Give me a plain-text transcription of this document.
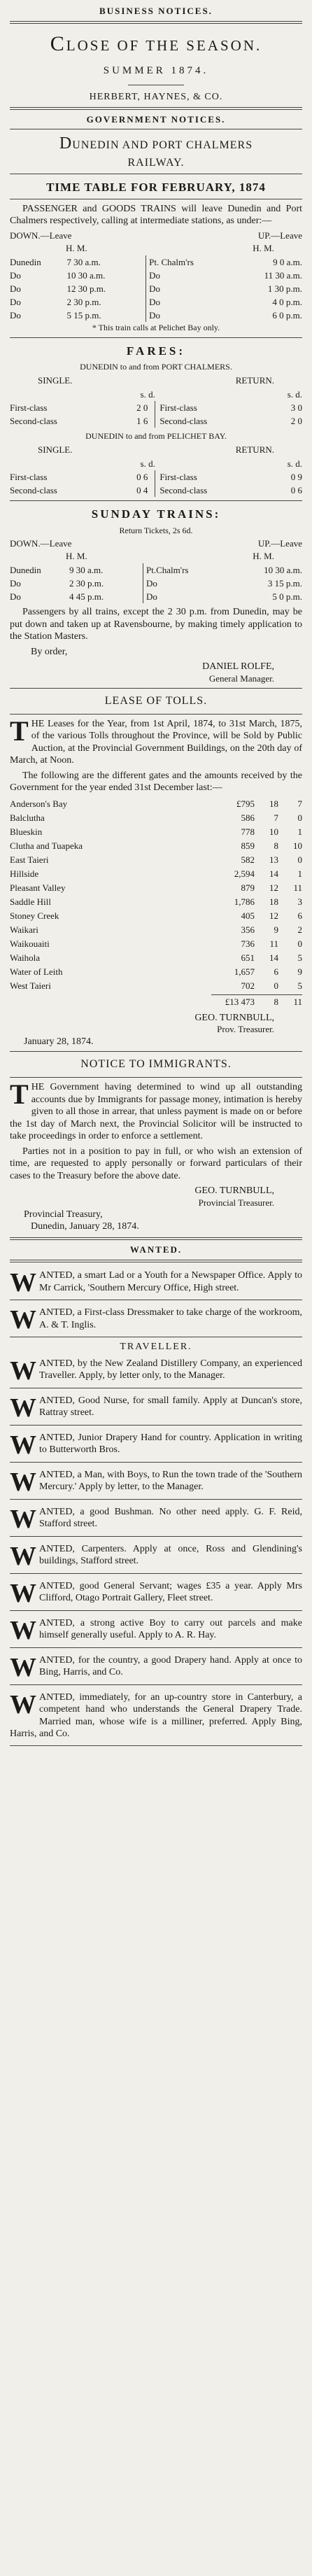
BUSINESS NOTICES.
CLOSE OF THE SEASON.
SUMMER 1874.
HERBERT, HAYNES, & CO.
GOVERNMENT NOTICES.
DUNEDIN AND PORT CHALMERS
RAILWAY.
TIME TABLE FOR FEBRUARY, 1874
PASSENGER and GOODS TRAINS will leave Dunedin and Port Chalmers respectively, calling at intermediate stations, as under:—
DOWN.—Leave	UP.—Leave
H. M.	H. M.
Dunedin	7 30 a.m.	Pt. Chalm'rs	9 0 a.m.
Do	10 30 a.m.	Do	11 30 a.m.
Do	12 30 p.m.	Do	1 30 p.m.
Do	2 30 p.m.	Do	4 0 p.m.
Do	5 15 p.m.	Do	6 0 p.m.
* This train calls at Pelichet Bay only.
FARES:
DUNEDIN to and from PORT CHALMERS.
SINGLE.	RETURN.
	s. d.		s. d.
First-class	2 0	First-class	3 0
Second-class	1 6	Second-class	2 0
DUNEDIN to and from PELICHET BAY.
SINGLE.	RETURN.
	s. d.		s. d.
First-class	0 6	First-class	0 9
Second-class	0 4	Second-class	0 6
SUNDAY TRAINS:
Return Tickets, 2s 6d.
DOWN.—Leave	UP.—Leave
H. M.	H. M.
Dunedin	9 30 a.m.	Pt.Chalm'rs	10 30 a.m.
Do	2 30 p.m.	Do	3 15 p.m.
Do	4 45 p.m.	Do	5 0 p.m.
Passengers by all trains, except the 2 30 p.m. from Dunedin, may be put down and taken up at Ravensbourne, by making timely application to the Station Masters.
By order,
DANIEL ROLFE,
General Manager.
LEASE OF TOLLS.
THE Leases for the Year, from 1st April, 1874, to 31st March, 1875, of the various Tolls throughout the Province, will be Sold by Public Auction, at the Provincial Government Buildings, on the 20th day of March, at Noon.
The following are the different gates and the amounts received by the Government for the year ended 31st December last:—
Anderson's Bay	£795	18	7
Balclutha	586	7	0
Blueskin	778	10	1
Clutha and Tuapeka	859	8	10
East Taieri	582	13	0
Hillside	2,594	14	1
Pleasant Valley	879	12	11
Saddle Hill	1,786	18	3
Stoney Creek	405	12	6
Waikari	356	9	2
Waikouaiti	736	11	0
Waihola	651	14	5
Water of Leith	1,657	6	9
West Taieri	702	0	5
	£13 473	8	11
GEO. TURNBULL,
Prov. Treasurer.
January 28, 1874.
NOTICE TO IMMIGRANTS.
THE Government having determined to wind up all outstanding accounts due by Immigrants for passage money, intimation is hereby given to all those in arrear, that unless payment is made on or before the 1st day of March next, the Provincial Solicitor will be instructed to take proceedings in order to enforce a settlement.
Parties not in a position to pay in full, or who wish an extension of time, are requested to apply personally or forward particulars of their cases to the Treasury before the above date.
GEO. TURNBULL,
Provincial Treasurer.
Provincial Treasury,
Dunedin, January 28, 1874.
WANTED.
WANTED, a smart Lad or a Youth for a Newspaper Office. Apply to Mr Carrick, 'Southern Mercury Office, High street.
WANTED, a First-class Dressmaker to take charge of the workroom, A. & T. Inglis.
TRAVELLER.
WANTED, by the New Zealand Distillery Company, an experienced Traveller. Apply, by letter only, to the Manager.
WANTED, Good Nurse, for small family. Apply at Duncan's store, Rattray street.
WANTED, Junior Drapery Hand for country. Application in writing to Butterworth Bros.
WANTED, a Man, with Boys, to Run the town trade of the 'Southern Mercury.' Apply by letter, to the Manager.
WANTED, a good Bushman. No other need apply. G. F. Reid, Stafford street.
WANTED, Carpenters. Apply at once, Ross and Glendining's buildings, Stafford street.
WANTED, good General Servant; wages £35 a year. Apply Mrs Clifford, Otago Portrait Gallery, Fleet street.
WANTED, a strong active Boy to carry out parcels and make himself generally useful. Apply to A. R. Hay.
WANTED, for the country, a good Drapery hand. Apply at once to Bing, Harris, and Co.
WANTED, immediately, for an up-country store in Canterbury, a competent hand who understands the General Drapery Trade. Married man, whose wife is a milliner, preferred. Apply Bing, Harris, and Co.
